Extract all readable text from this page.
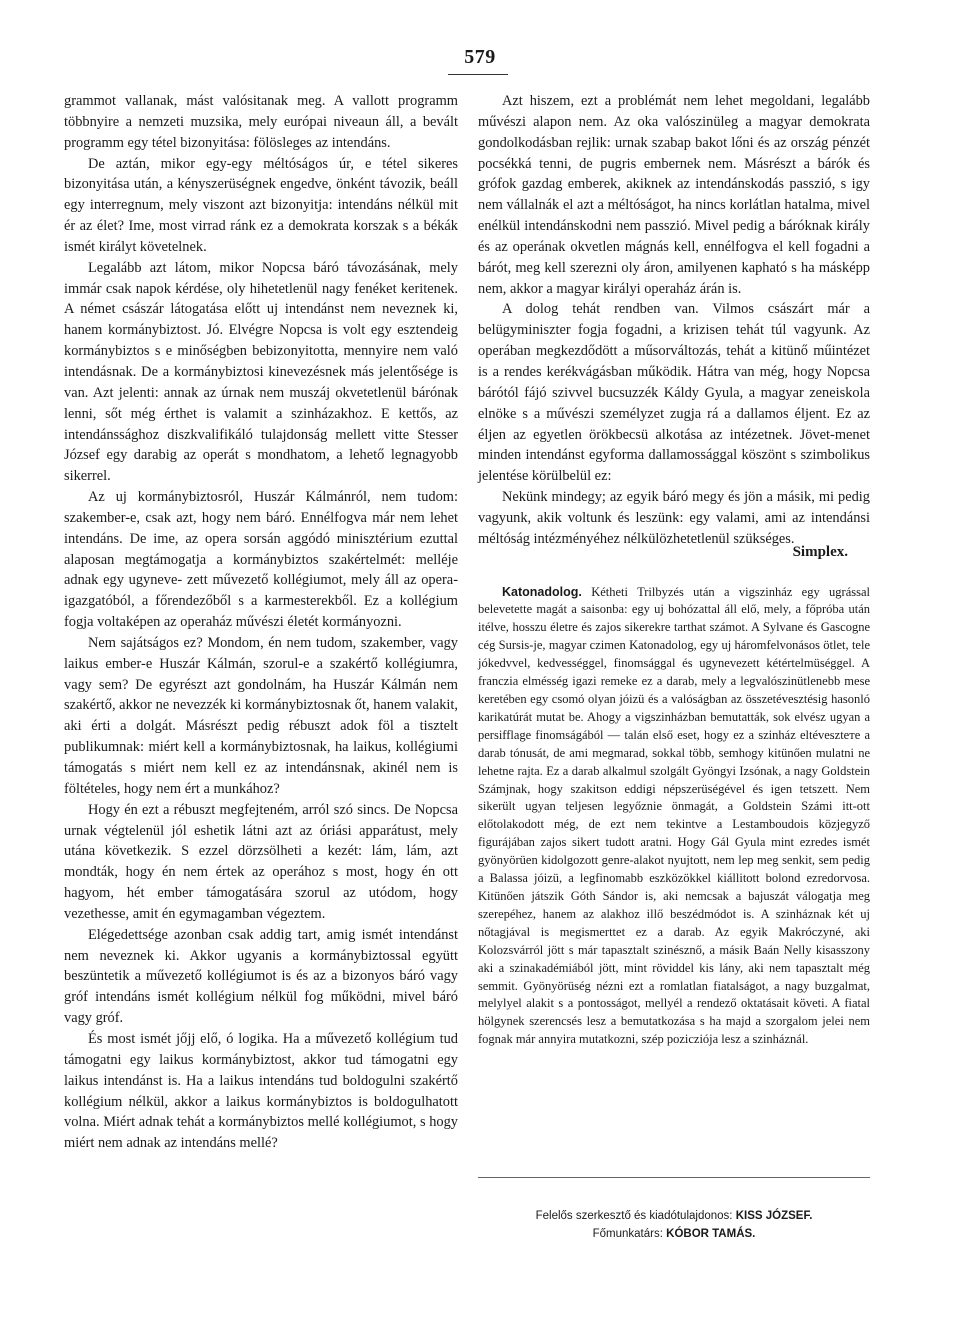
579

grammot vallanak, mást valósitanak meg. A vallott programm többnyire a nemzeti muzsika, mely európai niveaun áll, a bevált programm egy tétel bizonyitása: fölösleges az intendáns.

De aztán, mikor egy-egy méltóságos úr, e tétel sikeres bizonyitása után, a kényszerüségnek engedve, önként távozik, beáll egy interregnum, mely viszont azt bizonyitja: intendáns nélkül mit ér az élet? Ime, most virrad ránk ez a demokrata korszak s a békák ismét királyt követelnek.

Legalább azt látom, mikor Nopcsa báró távozásának, mely immár csak napok kérdése, oly hihetetlenül nagy fenéket keritenek. A német császár látogatása előtt uj intendánst nem neveznek ki, hanem kormánybiztost. Jó. Elvégre Nopcsa is volt egy esztendeig kormánybiztos s e minőségben bebizonyitotta, mennyire nem való intendásnak. De a kormánybiztosi kinevezésnek más jelentősége is van. Azt jelenti: annak az úrnak nem muszáj okvetetlenül bárónak lenni, sőt még érthet is valamit a szinházakhoz. E kettős, az intendánssághoz diszkvalifikáló tulajdonság mellett vitte Stesser József egy darabig az operát s mondhatom, a lehető legnagyobb sikerrel.

Az uj kormánybiztosról, Huszár Kálmánról, nem tudom: szakember-e, csak azt, hogy nem báró. Ennélfogva már nem lehet intendáns. De ime, az opera sorsán aggódó minisztérium ezuttal alaposan megtámogatja a kormánybiztos szakértelmét: melléje adnak egy ugyneve- zett művezető kollégiumot, mely áll az opera-igazgatóból, a főrendezőből s a karmesterekből. Ez a kollégium fogja voltaképen az operaház művészi életét kormányozni.

Nem sajátságos ez? Mondom, én nem tudom, szakember, vagy laikus ember-e Huszár Kálmán, szorul-e a szakértő kollégiumra, vagy sem? De egyrészt azt gondolnám, ha Huszár Kálmán nem szakértő, akkor ne nevezzék ki kormánybiztosnak őt, hanem valakit, aki érti a dolgát. Másrészt pedig rébuszt adok föl a tisztelt publikumnak: miért kell a kormánybiztosnak, ha laikus, kollégiumi támogatás s miért nem kell ez az intendánsnak, akinél nem is föltételes, hogy nem ért a munkához?

Hogy én ezt a rébuszt megfejteném, arról szó sincs. De Nopcsa urnak végtelenül jól eshetik látni azt az óriási apparátust, mely utána következik. S ezzel dörzsölheti a kezét: lám, lám, azt mondták, hogy én nem értek az operához s most, hogy én ott hagyom, hét ember támogatására szorul az utódom, hogy vezethesse, amit én egymagamban végeztem.

Elégedettsége azonban csak addig tart, amig ismét intendánst nem neveznek ki. Akkor ugyanis a kormánybiztossal együtt beszüntetik a művezető kollégiumot is és az a bizonyos báró vagy gróf intendáns ismét kollégium nélkül fog működni, mivel báró vagy gróf.

És most ismét jőjj elő, ó logika. Ha a művezető kollégium tud támogatni egy laikus kormánybiztost, akkor tud támogatni egy laikus intendánst is. Ha a laikus intendáns tud boldogulni szakértő kollégium nélkül, akkor a laikus kormánybiztos is boldogulhatott volna. Miért adnak tehát a kormánybiztos mellé kollégiumot, s hogy miért nem adnak az intendáns mellé?

Azt hiszem, ezt a problémát nem lehet megoldani, legalább művészi alapon nem. Az oka valószinüleg a magyar demokrata gondolkodásban rejlik: urnak szabap bakot lőni és az ország pénzét pocsékká tenni, de pugris embernek nem. Másrészt a bárók és grófok gazdag emberek, akiknek az intendánskodás passzió, s igy nem vállalnák el azt a méltóságot, ha nincs korlátlan hatalma, mivel enélkül intendánskodni nem passzió. Mivel pedig a báróknak király és az operának okvetlen mágnás kell, ennélfogva el kell fogadni a bárót, meg kell szerezni oly áron, amilyenen kapható s ha másképp nem, akkor a magyar királyi operaház árán is.

A dolog tehát rendben van. Vilmos császárt már a belügyminiszter fogja fogadni, a krizisen tehát túl vagyunk. Az operában megkezdődött a műsorváltozás, tehát a kitünő műintézet is a rendes kerékvágásban működik. Hátra van még, hogy Nopcsa bárótól fájó szivvel bucsuzzék Káldy Gyula, a magyar zeneiskola elnöke s a művészi személyzet zugja rá a dallamos éljent. Ez az éljen az egyetlen örökbecsü alkotása az intézetnek. Jövet-menet minden intendánst egyforma dallamossággal köszönt s szimbolikus jelentése körülbelül ez:

Nekünk mindegy; az egyik báró megy és jön a másik, mi pedig vagyunk, akik voltunk és leszünk: egy valami, ami az intendánsi méltóság intézményéhez nélkülözhetetlenül szükséges.

Simplex.

Katonadolog. Kétheti Trilbyzés után a vigszinház egy ugrással belevetette magát a saisonba: egy uj bohózattal áll elő, mely, a főpróba után itélve, hosszu életre és zajos sikerekre tarthat számot. A Sylvane és Gascogne cég Sursis-je, magyar czimen Katonadolog, egy uj háromfelvonásos ötlet, tele jókedvvel, kedvességgel, finomsággal és ugynevezett kétértelmüséggel. A franczia elmésség igazi remeke ez a darab, mely a legvalószinütlenebb mese keretében egy csomó olyan jóizü és a valóságban az összetévesztésig hasonló karikatúrát mutat be. Ahogy a vigszinházban bemutatták, sok elvész ugyan a persifflage finomságából — talán első eset, hogy ez a szinház eltéveszteте a darab tónusát, de ami megmarad, sokkal több, semhogy kitünően mulatni ne lehetne rajta. Ez a darab alkalmul szolgált Gyöngyi Izsónak, a nagy Goldstein Számjnak, hogy szakitson eddigi népszerüségével és igen tetszett. Nem sikerült ugyan teljesen legyőznie önmagát, a Goldstein Számi itt-ott előtolakodott még, de ezt nem tekintve a Lestamboudois közjegyző figurájában zajos sikert tudott aratni. Hogy Gál Gyula mint ezredes ismét gyönyörüen kidolgozott genre-alakot nyujtott, nem lep meg senkit, sem pedig a Balassa jóizü, a legfinomabb eszközökkel kiállitott bolond ezredorvosa. Kitünően játszik Góth Sándor is, aki nemcsak a bajuszát válogatja meg szerepéhez, hanem az alakhoz illő beszédmódot is. A szinháznak két uj nőtagjával is megismerttet ez a darab. Az egyik Makróczyné, aki Kolozsvárról jött s már tapasztalt szinésznő, a másik Baán Nelly kisasszony aki a szinakadémiából jött, mint röviddel kis lány, aki nem tapasztalt még semmit. Gyönyörüség nézni ezt a romlatlan fiatalságot, a nagy buzgalmat, melylyel alakit s a pontosságot, mellyél a rendező oktatásait követi. A fiatal hölgynek szerencsés lesz a bemutatkozása s ha majd a szorgalom jelei nem fognak már annyira mutatkozni, szép pozicziója lesz a szinháznál.

Felelős szerkesztő és kiadótulajdonos: KISS JÓZSEF.
Főmunkatárs: KÓBOR TAMÁS.
